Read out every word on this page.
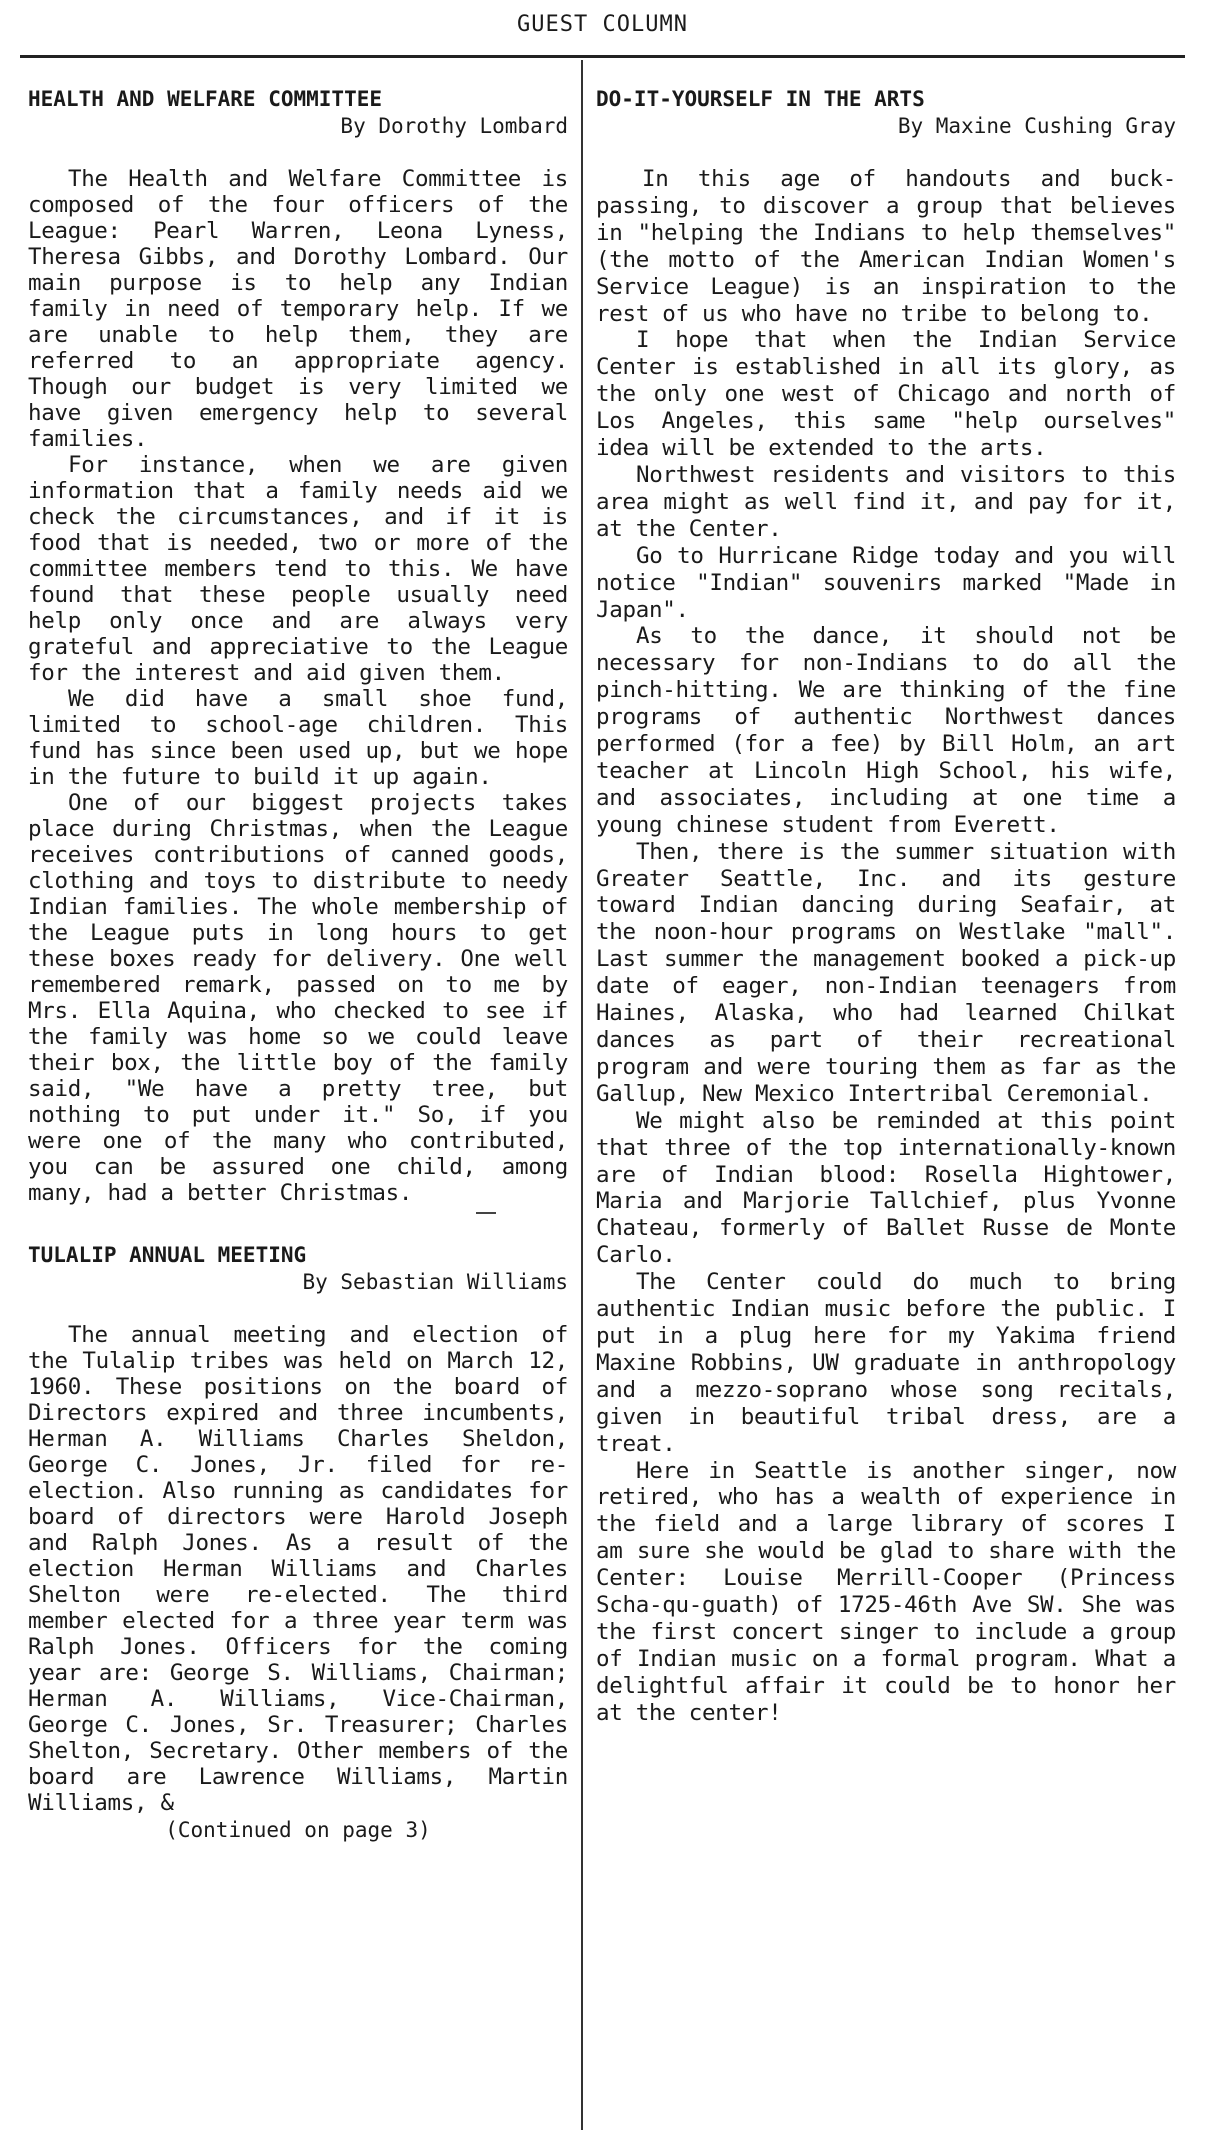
GUEST COLUMN
HEALTH AND WELFARE COMMITTEE
By Dorothy Lombard

The Health and Welfare Committee is composed of the four officers of the League: Pearl Warren, Leona Lyness, Theresa Gibbs, and Dorothy Lombard. Our main purpose is to help any Indian family in need of temporary help. If we are unable to help them, they are referred to an appropriate agency. Though our budget is very limited we have given emergency help to several families.

For instance, when we are given information that a family needs aid we check the circumstances, and if it is food that is needed, two or more of the committee members tend to this. We have found that these people usually need help only once and are always very grateful and appreciative to the League for the interest and aid given them.

We did have a small shoe fund, limited to school-age children. This fund has since been used up, but we hope in the future to build it up again.

One of our biggest projects takes place during Christmas, when the League receives contributions of canned goods, clothing and toys to distribute to needy Indian families. The whole membership of the League puts in long hours to get these boxes ready for delivery. One well remembered remark, passed on to me by Mrs. Ella Aquina, who checked to see if the family was home so we could leave their box, the little boy of the family said, "We have a pretty tree, but nothing to put under it." So, if you were one of the many who contributed, you can be assured one child, among many, had a better Christmas.

TULALIP ANNUAL MEETING
By Sebastian Williams

The annual meeting and election of the Tulalip tribes was held on March 12, 1960. These positions on the board of Directors expired and three incumbents, Herman A. Williams Charles Sheldon, George C. Jones, Jr. filed for re-election. Also running as candidates for board of directors were Harold Joseph and Ralph Jones. As a result of the election Herman Williams and Charles Shelton were re-elected. The third member elected for a three year term was Ralph Jones. Officers for the coming year are: George S. Williams, Chairman; Herman A. Williams, Vice-Chairman, George C. Jones, Sr. Treasurer; Charles Shelton, Secretary. Other members of the board are Lawrence Williams, Martin Williams, &

(Continued on page 3)
DO-IT-YOURSELF IN THE ARTS
By Maxine Cushing Gray

In this age of handouts and buck-passing, to discover a group that believes in "helping the Indians to help themselves" (the motto of the American Indian Women's Service League) is an inspiration to the rest of us who have no tribe to belong to.

I hope that when the Indian Service Center is established in all its glory, as the only one west of Chicago and north of Los Angeles, this same "help ourselves" idea will be extended to the arts.

Northwest residents and visitors to this area might as well find it, and pay for it, at the Center.

Go to Hurricane Ridge today and you will notice "Indian" souvenirs marked "Made in Japan".

As to the dance, it should not be necessary for non-Indians to do all the pinch-hitting. We are thinking of the fine programs of authentic Northwest dances performed (for a fee) by Bill Holm, an art teacher at Lincoln High School, his wife, and associates, including at one time a young chinese student from Everett.

Then, there is the summer situation with Greater Seattle, Inc. and its gesture toward Indian dancing during Seafair, at the noon-hour programs on Westlake "mall". Last summer the management booked a pick-up date of eager, non-Indian teenagers from Haines, Alaska, who had learned Chilkat dances as part of their recreational program and were touring them as far as the Gallup, New Mexico Intertribal Ceremonial.

We might also be reminded at this point that three of the top internationally-known are of Indian blood: Rosella Hightower, Maria and Marjorie Tallchief, plus Yvonne Chateau, formerly of Ballet Russe de Monte Carlo.

The Center could do much to bring authentic Indian music before the public. I put in a plug here for my Yakima friend Maxine Robbins, UW graduate in anthropology and a mezzo-soprano whose song recitals, given in beautiful tribal dress, are a treat.

Here in Seattle is another singer, now retired, who has a wealth of experience in the field and a large library of scores I am sure she would be glad to share with the Center: Louise Merrill-Cooper (Princess Scha-qu-guath) of 1725-46th Ave SW. She was the first concert singer to include a group of Indian music on a formal program. What a delightful affair it could be to honor her at the center!
